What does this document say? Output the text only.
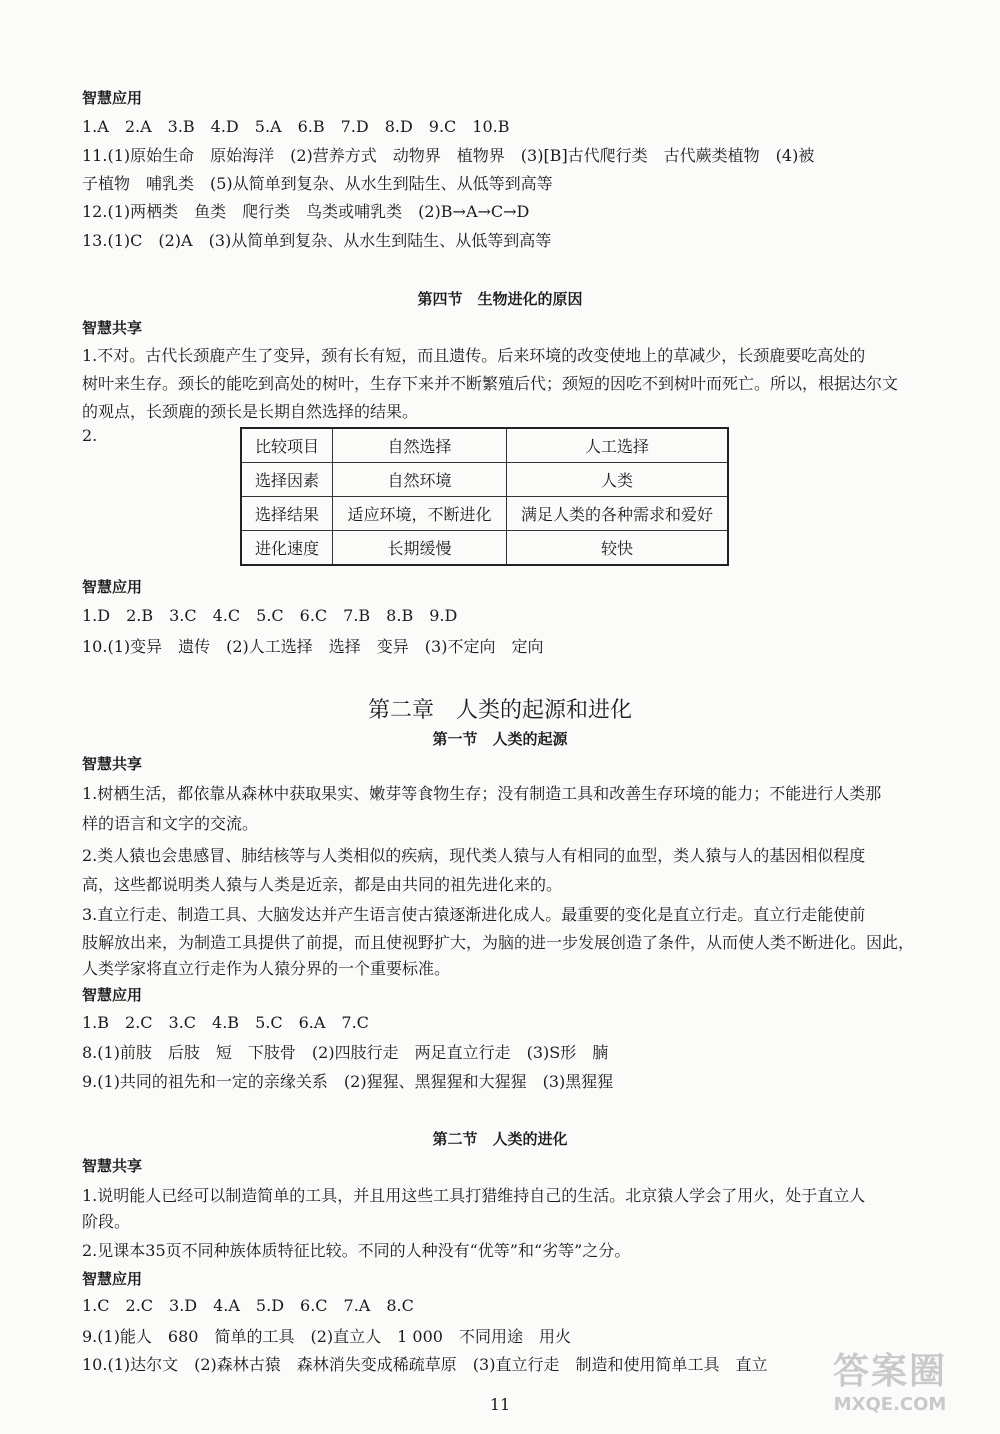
智慧应用
1.A　2.A　3.B　4.D　5.A　6.B　7.D　8.D　9.C　10.B
11.(1)原始生命　原始海洋　(2)营养方式　动物界　植物界　(3)[B]古代爬行类　古代蕨类植物　(4)被
子植物　哺乳类　(5)从简单到复杂、从水生到陆生、从低等到高等
12.(1)两栖类　鱼类　爬行类　鸟类或哺乳类　(2)B→A→C→D
13.(1)C　(2)A　(3)从简单到复杂、从水生到陆生、从低等到高等
第四节　生物进化的原因
智慧共享
1.不对。古代长颈鹿产生了变异，颈有长有短，而且遗传。后来环境的改变使地上的草减少，长颈鹿要吃高处的
树叶来生存。颈长的能吃到高处的树叶，生存下来并不断繁殖后代；颈短的因吃不到树叶而死亡。所以，根据达尔文
的观点，长颈鹿的颈长是长期自然选择的结果。
2.
比较项目	自然选择	人工选择
选择因素	自然环境	人类
选择结果	适应环境，不断进化	满足人类的各种需求和爱好
进化速度	长期缓慢	较快
智慧应用
1.D　2.B　3.C　4.C　5.C　6.C　7.B　8.B　9.D
10.(1)变异　遗传　(2)人工选择　选择　变异　(3)不定向　定向
第二章　人类的起源和进化
第一节　人类的起源
智慧共享
1.树栖生活，都依靠从森林中获取果实、嫩芽等食物生存；没有制造工具和改善生存环境的能力；不能进行人类那
样的语言和文字的交流。
2.类人猿也会患感冒、肺结核等与人类相似的疾病，现代类人猿与人有相同的血型，类人猿与人的基因相似程度
高，这些都说明类人猿与人类是近亲，都是由共同的祖先进化来的。
3.直立行走、制造工具、大脑发达并产生语言使古猿逐渐进化成人。最重要的变化是直立行走。直立行走能使前
肢解放出来，为制造工具提供了前提，而且使视野扩大，为脑的进一步发展创造了条件，从而使人类不断进化。因此，
人类学家将直立行走作为人猿分界的一个重要标准。
智慧应用
1.B　2.C　3.C　4.B　5.C　6.A　7.C
8.(1)前肢　后肢　短　下肢骨　(2)四肢行走　两足直立行走　(3)S形　腩
9.(1)共同的祖先和一定的亲缘关系　(2)猩猩、黑猩猩和大猩猩　(3)黑猩猩
第二节　人类的进化
智慧共享
1.说明能人已经可以制造简单的工具，并且用这些工具打猎维持自己的生活。北京猿人学会了用火，处于直立人
阶段。
2.见课本35页不同种族体质特征比较。不同的人种没有“优等”和“劣等”之分。
智慧应用
1.C　2.C　3.D　4.A　5.D　6.C　7.A　8.C
9.(1)能人　680　简单的工具　(2)直立人　1 000　不同用途　用火
10.(1)达尔文　(2)森林古猿　森林消失变成稀疏草原　(3)直立行走　制造和使用简单工具　直立
11
答案圈
MXQE.COM
